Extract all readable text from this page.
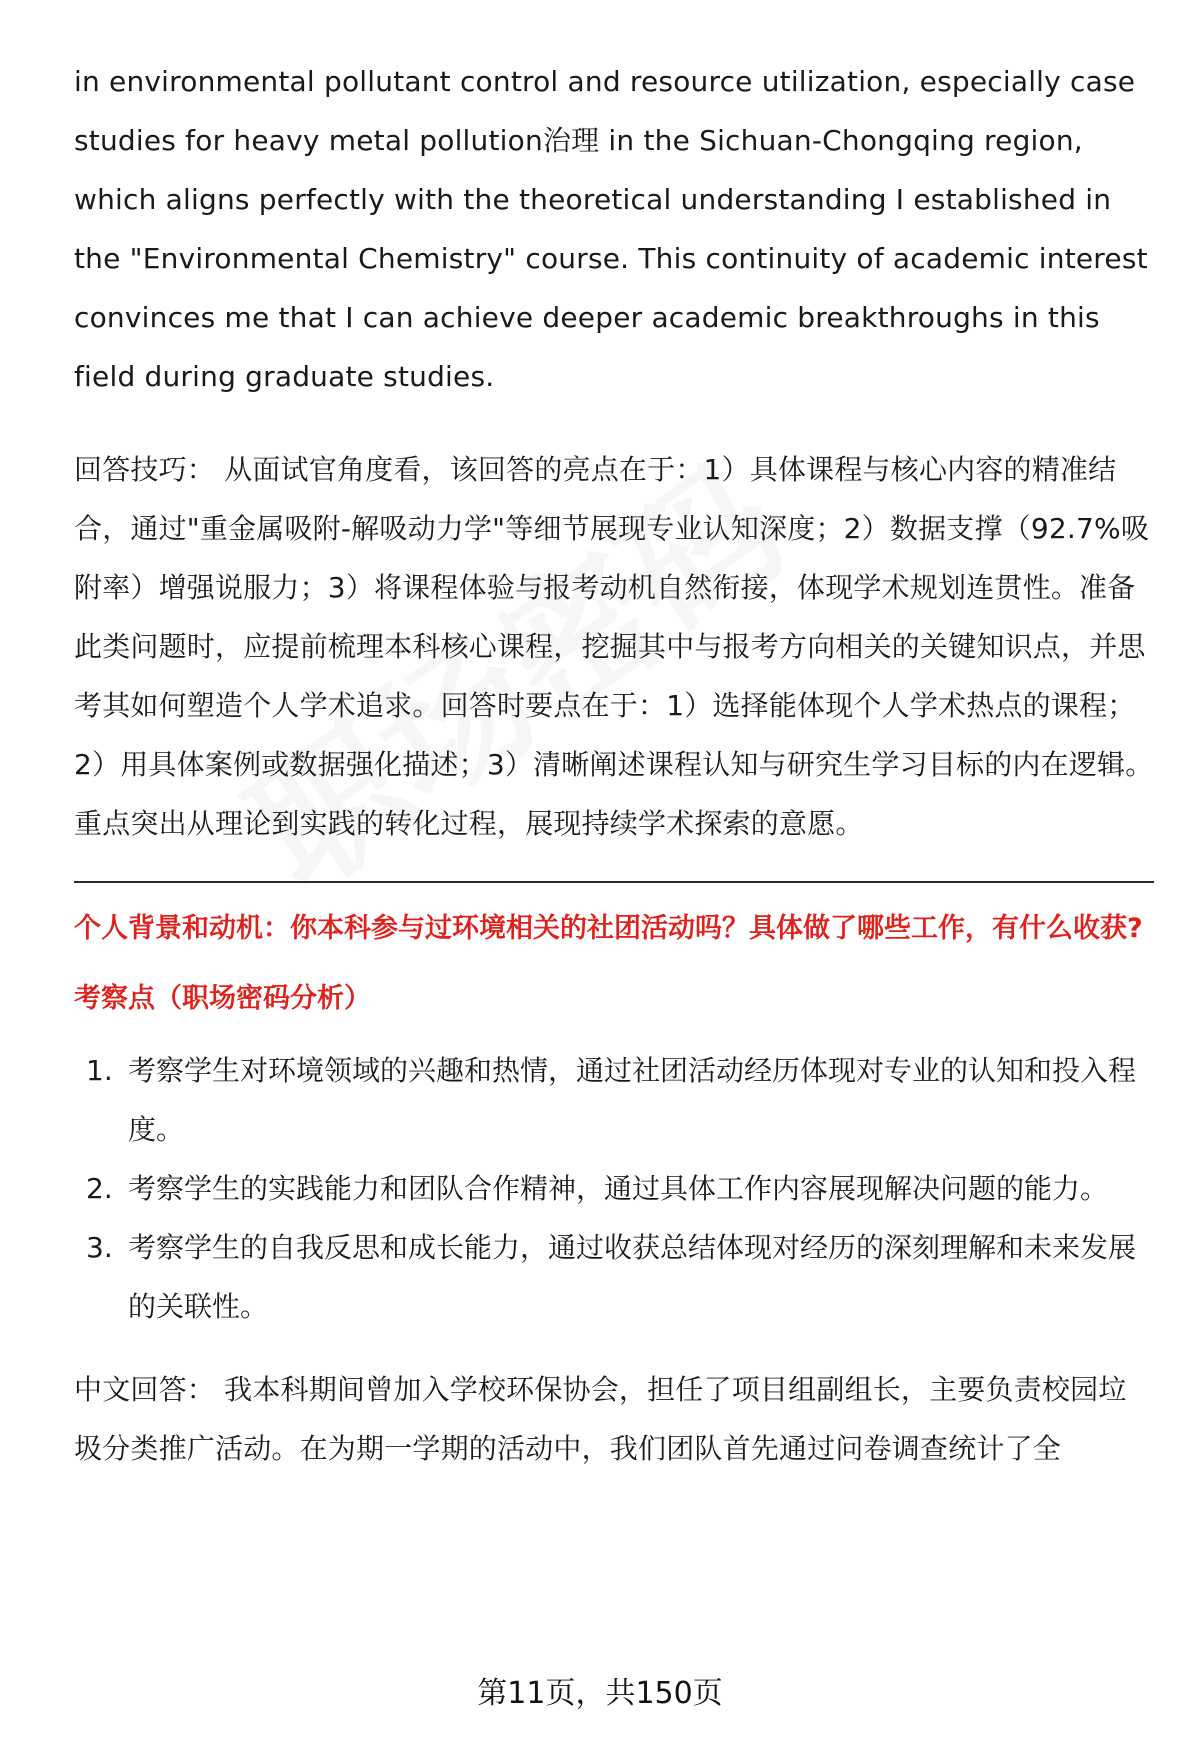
in environmental pollutant control and resource utilization, especially case studies for heavy metal pollution治理 in the Sichuan-Chongqing region, which aligns perfectly with the theoretical understanding I established in the "Environmental Chemistry" course. This continuity of academic interest convinces me that I can achieve deeper academic breakthroughs in this field during graduate studies.

回答技巧： 从面试官角度看，该回答的亮点在于：1）具体课程与核心内容的精准结合，通过"重金属吸附-解吸动力学"等细节展现专业认知深度；2）数据支撑（92.7%吸附率）增强说服力；3）将课程体验与报考动机自然衔接，体现学术规划连贯性。准备此类问题时，应提前梳理本科核心课程，挖掘其中与报考方向相关的关键知识点，并思考其如何塑造个人学术追求。回答时要点在于：1）选择能体现个人学术热点的课程；2）用具体案例或数据强化描述；3）清晰阐述课程认知与研究生学习目标的内在逻辑。重点突出从理论到实践的转化过程，展现持续学术探索的意愿。

个人背景和动机：你本科参与过环境相关的社团活动吗？具体做了哪些工作，有什么收获?

考察点（职场密码分析）

1. 考察学生对环境领域的兴趣和热情，通过社团活动经历体现对专业的认知和投入程度。
2. 考察学生的实践能力和团队合作精神，通过具体工作内容展现解决问题的能力。
3. 考察学生的自我反思和成长能力，通过收获总结体现对经历的深刻理解和未来发展的关联性。

中文回答： 我本科期间曾加入学校环保协会，担任了项目组副组长，主要负责校园垃圾分类推广活动。在为期一学期的活动中，我们团队首先通过问卷调查统计了全

第11页，共150页
